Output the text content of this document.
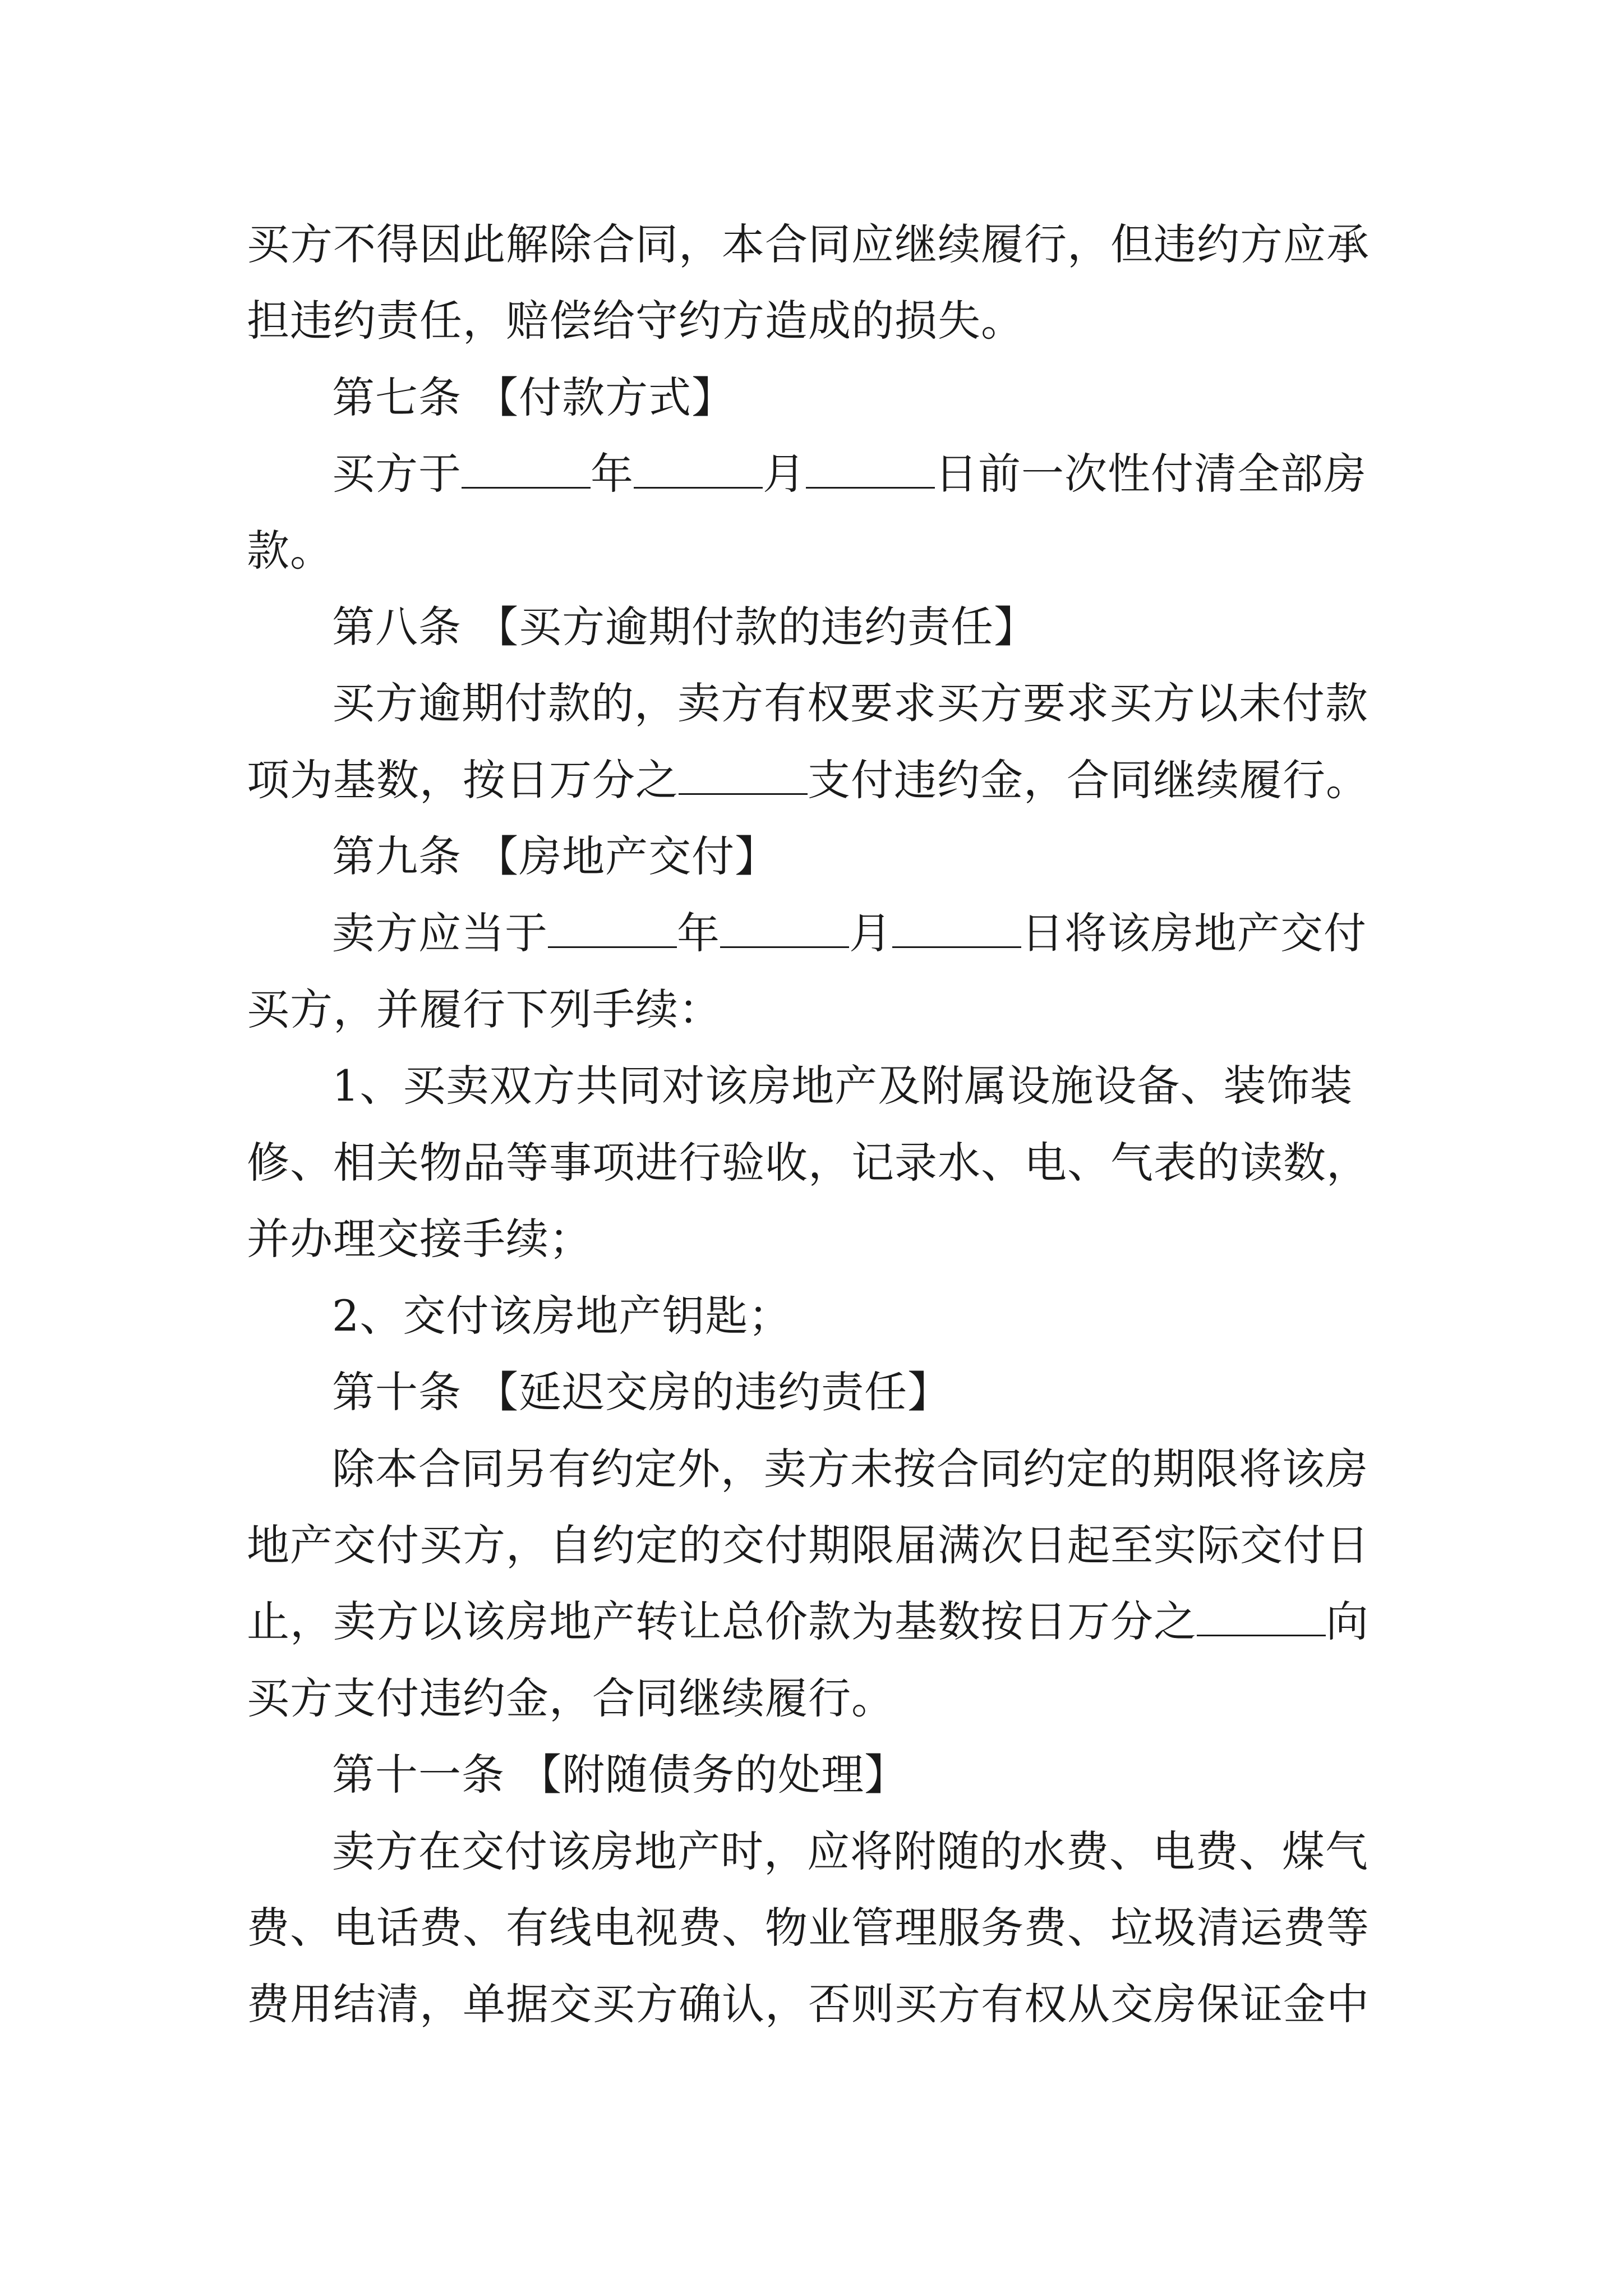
买方不得因此解除合同，本合同应继续履行，但违约方应承担违约责任，赔偿给守约方造成的损失。

第七条 【付款方式】

买方于	年	月	日前一次性付清全部房款。

第八条 【买方逾期付款的违约责任】

买方逾期付款的，卖方有权要求买方要求买方以未付款项为基数，按日万分之	支付违约金，合同继续履行。

第九条 【房地产交付】

卖方应当于	年	月	日将该房地产交付买方，并履行下列手续：

1、买卖双方共同对该房地产及附属设施设备、装饰装修、相关物品等事项进行验收，记录水、电、气表的读数，并办理交接手续；

2、交付该房地产钥匙；

第十条 【延迟交房的违约责任】

除本合同另有约定外，卖方未按合同约定的期限将该房地产交付买方，自约定的交付期限届满次日起至实际交付日止，卖方以该房地产转让总价款为基数按日万分之	向买方支付违约金，合同继续履行。

第十一条 【附随债务的处理】

卖方在交付该房地产时，应将附随的水费、电费、煤气费、电话费、有线电视费、物业管理服务费、垃圾清运费等费用结清，单据交买方确认，否则买方有权从交房保证金中
